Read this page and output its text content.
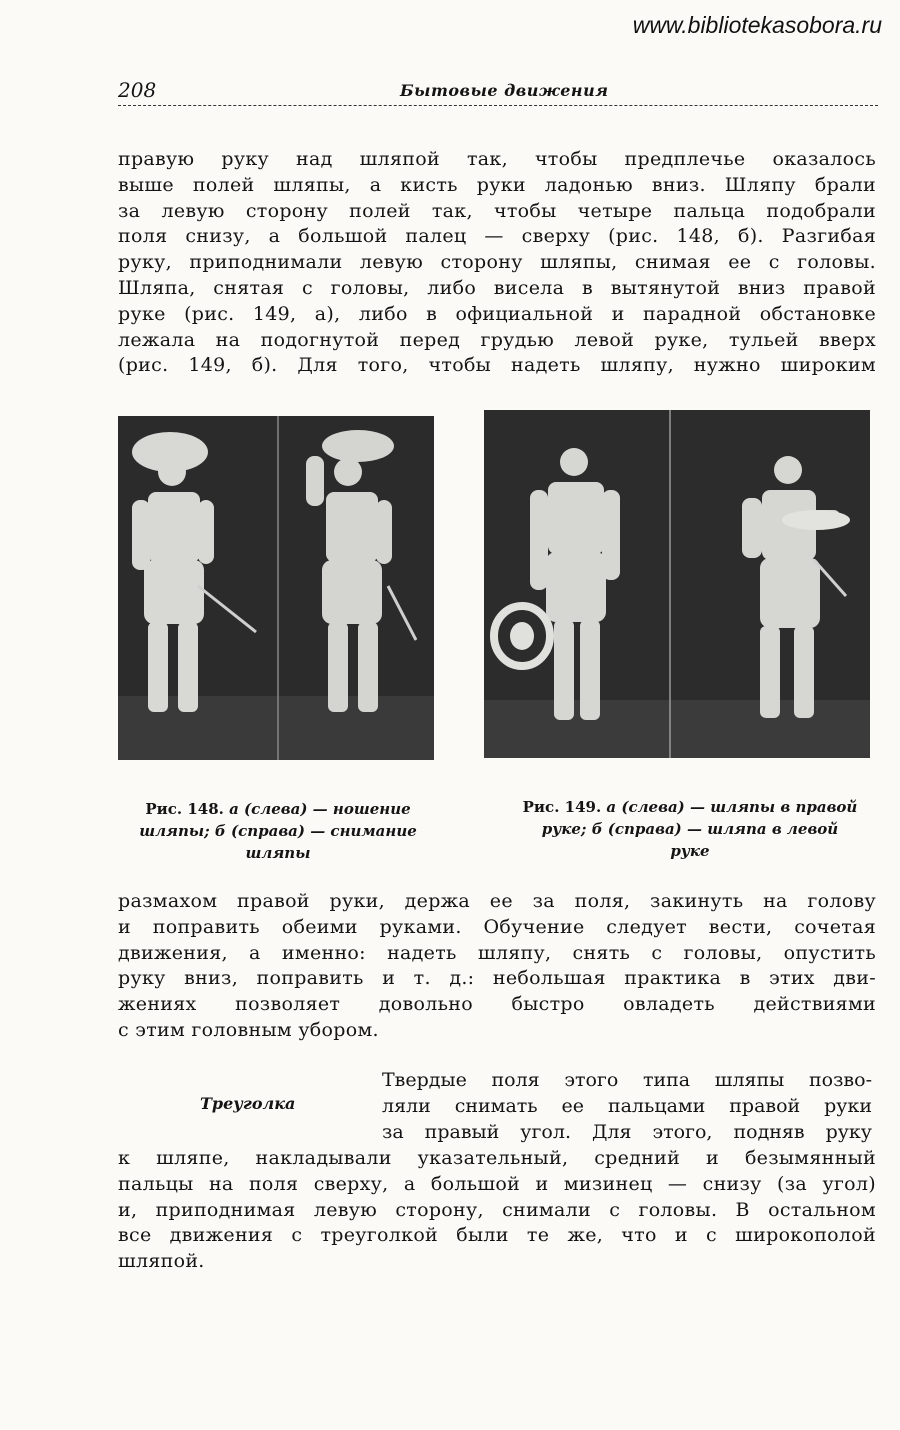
www.bibliotekasobora.ru
208	Бытовые движения

правую руку над шляпой так, чтобы предплечье оказалось
выше полей шляпы, а кисть руки ладонью вниз. Шляпу брали
за левую сторону полей так, чтобы четыре пальца подобрали
поля снизу, а большой палец — сверху (рис. 148, б). Разгибая
руку, приподнимали левую сторону шляпы, снимая ее с головы.
Шляпа, снятая с головы, либо висела в вытянутой вниз правой
руке (рис. 149, а), либо в официальной и парадной обстановке
лежала на подогнутой перед грудью левой руке, тульей вверх
(рис. 149, б). Для того, чтобы надеть шляпу, нужно широким

Рис. 148. а (слева) — ношение
шляпы; б (справа) — снимание
шляпы
Рис. 149. а (слева) — шляпы в правой
руке; б (справа) — шляпа в левой
руке

размахом правой руки, держа ее за поля, закинуть на голову
и поправить обеими руками. Обучение следует вести, сочетая
движения, а именно: надеть шляпу, снять с головы, опустить
руку вниз, поправить и т. д.: небольшая практика в этих дви-
жениях позволяет довольно быстро овладеть действиями
с этим головным убором.

Треуголка

Твердые поля этого типа шляпы позво-
ляли снимать ее пальцами правой руки
за правый угол. Для этого, подняв руку

к шляпе, накладывали указательный, средний и безымянный
пальцы на поля сверху, а большой и мизинец — снизу (за угол)
и, приподнимая левую сторону, снимали с головы. В остальном
все движения с треуголкой были те же, что и с широкополой
шляпой.
